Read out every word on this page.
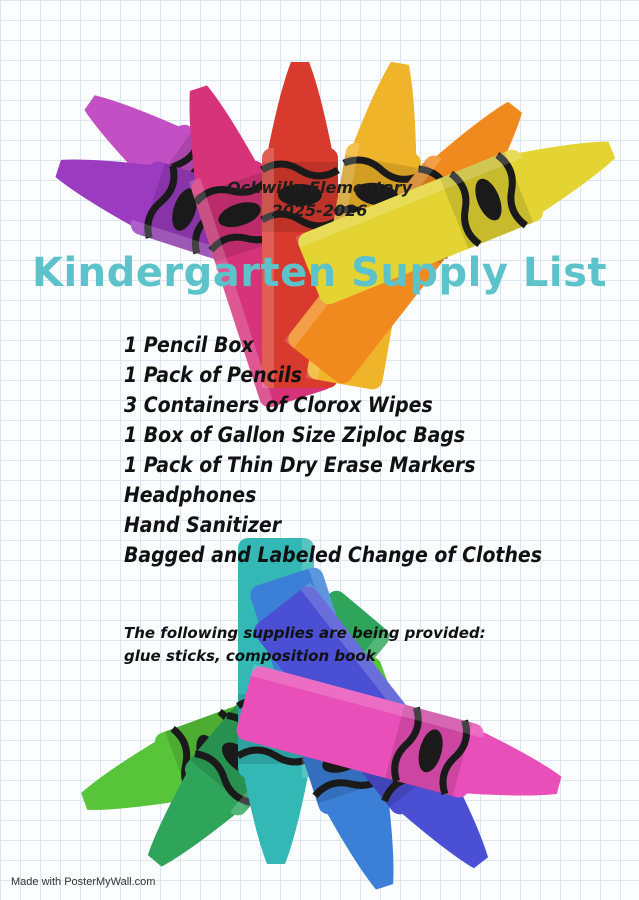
Ochwilla Elementary
2025-2026
Kindergarten Supply List
1 Pencil Box
1 Pack of Pencils
3 Containers of Clorox Wipes
1 Box of Gallon Size Ziploc Bags
1 Pack of Thin Dry Erase Markers
Headphones
Hand Sanitizer
Bagged and Labeled Change of Clothes
The following supplies are being provided:
glue sticks, composition book
Made with PosterMyWall.com
